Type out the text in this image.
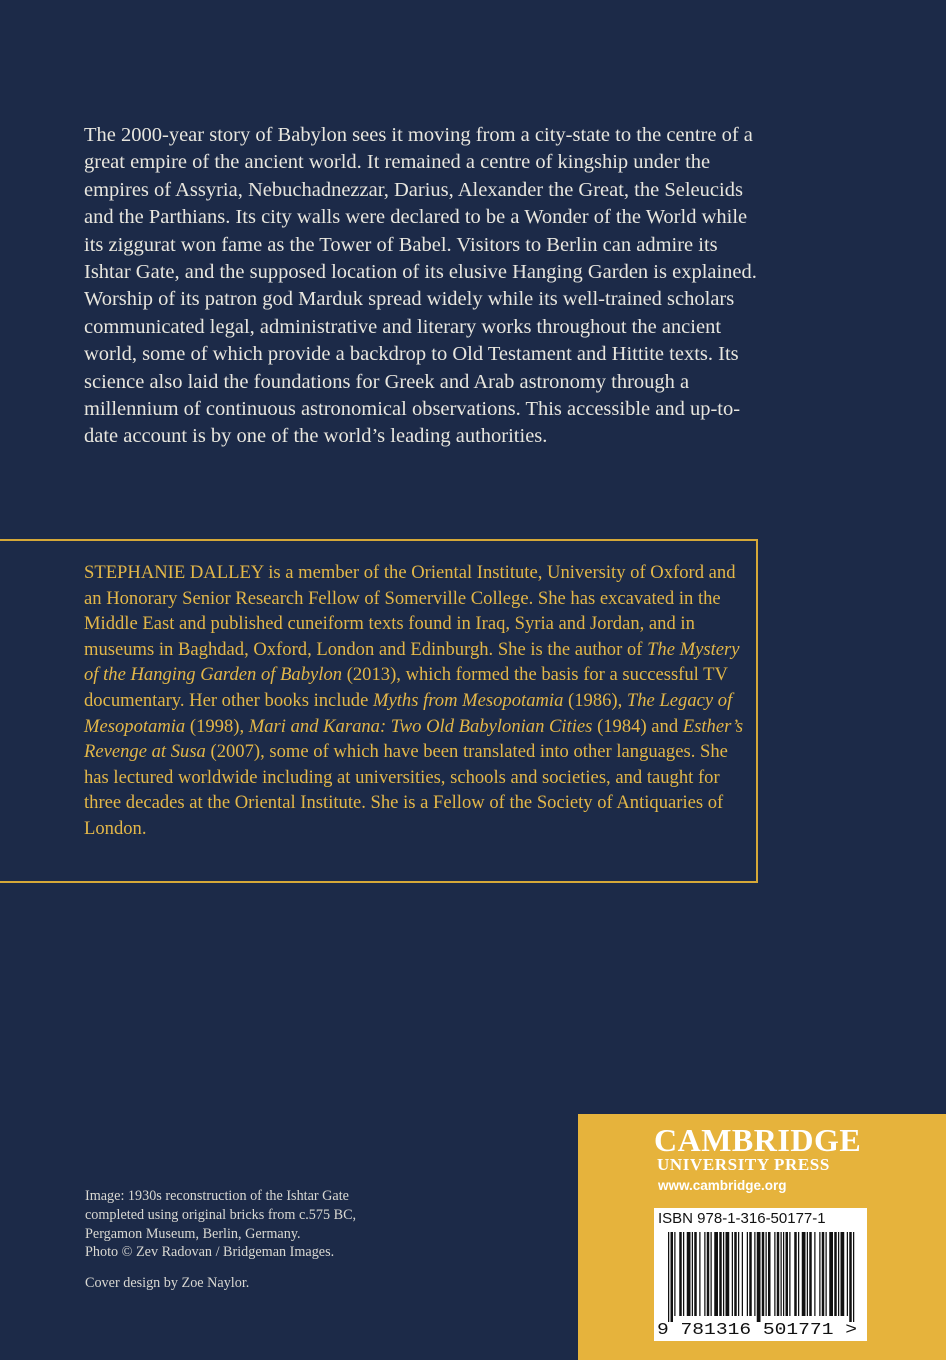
The 2000-year story of Babylon sees it moving from a city-state to the centre of a great empire of the ancient world. It remained a centre of kingship under the empires of Assyria, Nebuchadnezzar, Darius, Alexander the Great, the Seleucids and the Parthians. Its city walls were declared to be a Wonder of the World while its ziggurat won fame as the Tower of Babel. Visitors to Berlin can admire its Ishtar Gate, and the supposed location of its elusive Hanging Garden is explained. Worship of its patron god Marduk spread widely while its well-trained scholars communicated legal, administrative and literary works throughout the ancient world, some of which provide a backdrop to Old Testament and Hittite texts. Its science also laid the foundations for Greek and Arab astronomy through a millennium of continuous astronomical observations. This accessible and up-to-date account is by one of the world’s leading authorities.

STEPHANIE DALLEY is a member of the Oriental Institute, University of Oxford and an Honorary Senior Research Fellow of Somerville College. She has excavated in the Middle East and published cuneiform texts found in Iraq, Syria and Jordan, and in museums in Baghdad, Oxford, London and Edinburgh. She is the author of The Mystery of the Hanging Garden of Babylon (2013), which formed the basis for a successful TV documentary. Her other books include Myths from Mesopotamia (1986), The Legacy of Mesopotamia (1998), Mari and Karana: Two Old Babylonian Cities (1984) and Esther’s Revenge at Susa (2007), some of which have been translated into other languages. She has lectured worldwide including at universities, schools and societies, and taught for three decades at the Oriental Institute. She is a Fellow of the Society of Antiquaries of London.

Image: 1930s reconstruction of the Ishtar Gate
completed using original bricks from c.575 BC,
Pergamon Museum, Berlin, Germany.
Photo © Zev Radovan / Bridgeman Images.

Cover design by Zoe Naylor.

CAMBRIDGE

UNIVERSITY PRESS

www.cambridge.org

ISBN 978-1-316-50177-1

9 781316 501771 >
